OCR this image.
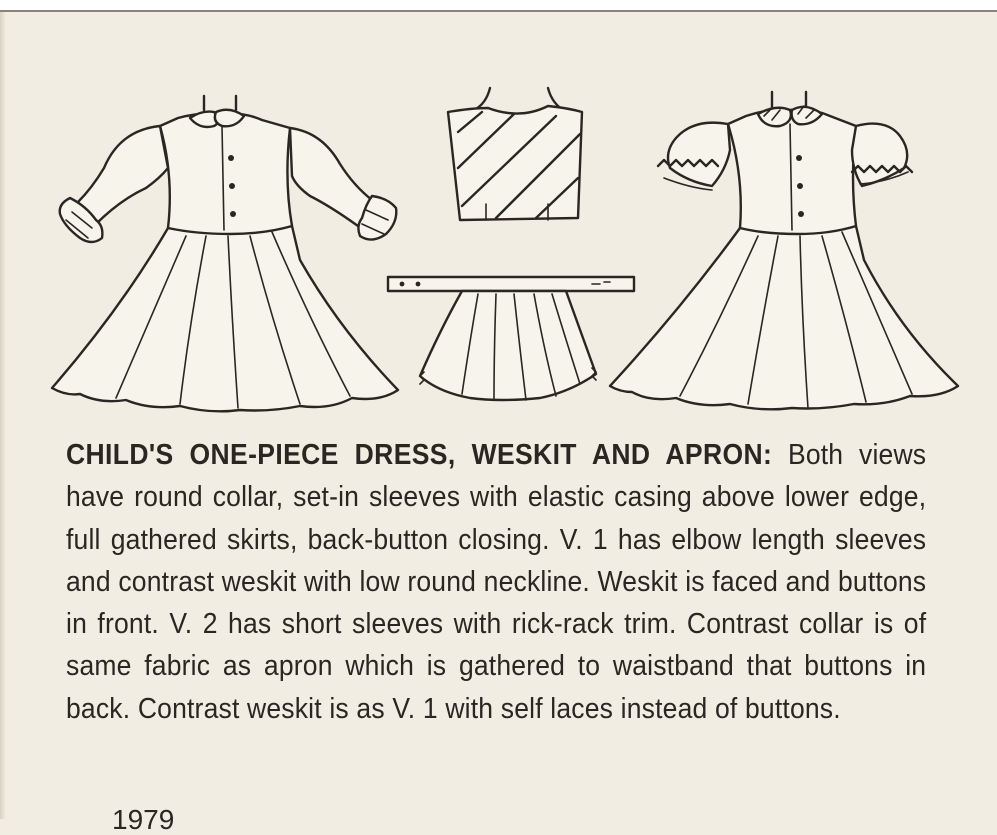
CHILD'S ONE-PIECE DRESS, WESKIT AND APRON: Both views have round collar, set-in sleeves with elastic casing above lower edge, full gathered skirts, back-button closing. V. 1 has elbow length sleeves and contrast weskit with low round neckline. Weskit is faced and buttons in front. V. 2 has short sleeves with rick-rack trim. Contrast collar is of same fabric as apron which is gathered to waistband that buttons in back. Contrast weskit is as V. 1 with self laces instead of buttons.
1979
